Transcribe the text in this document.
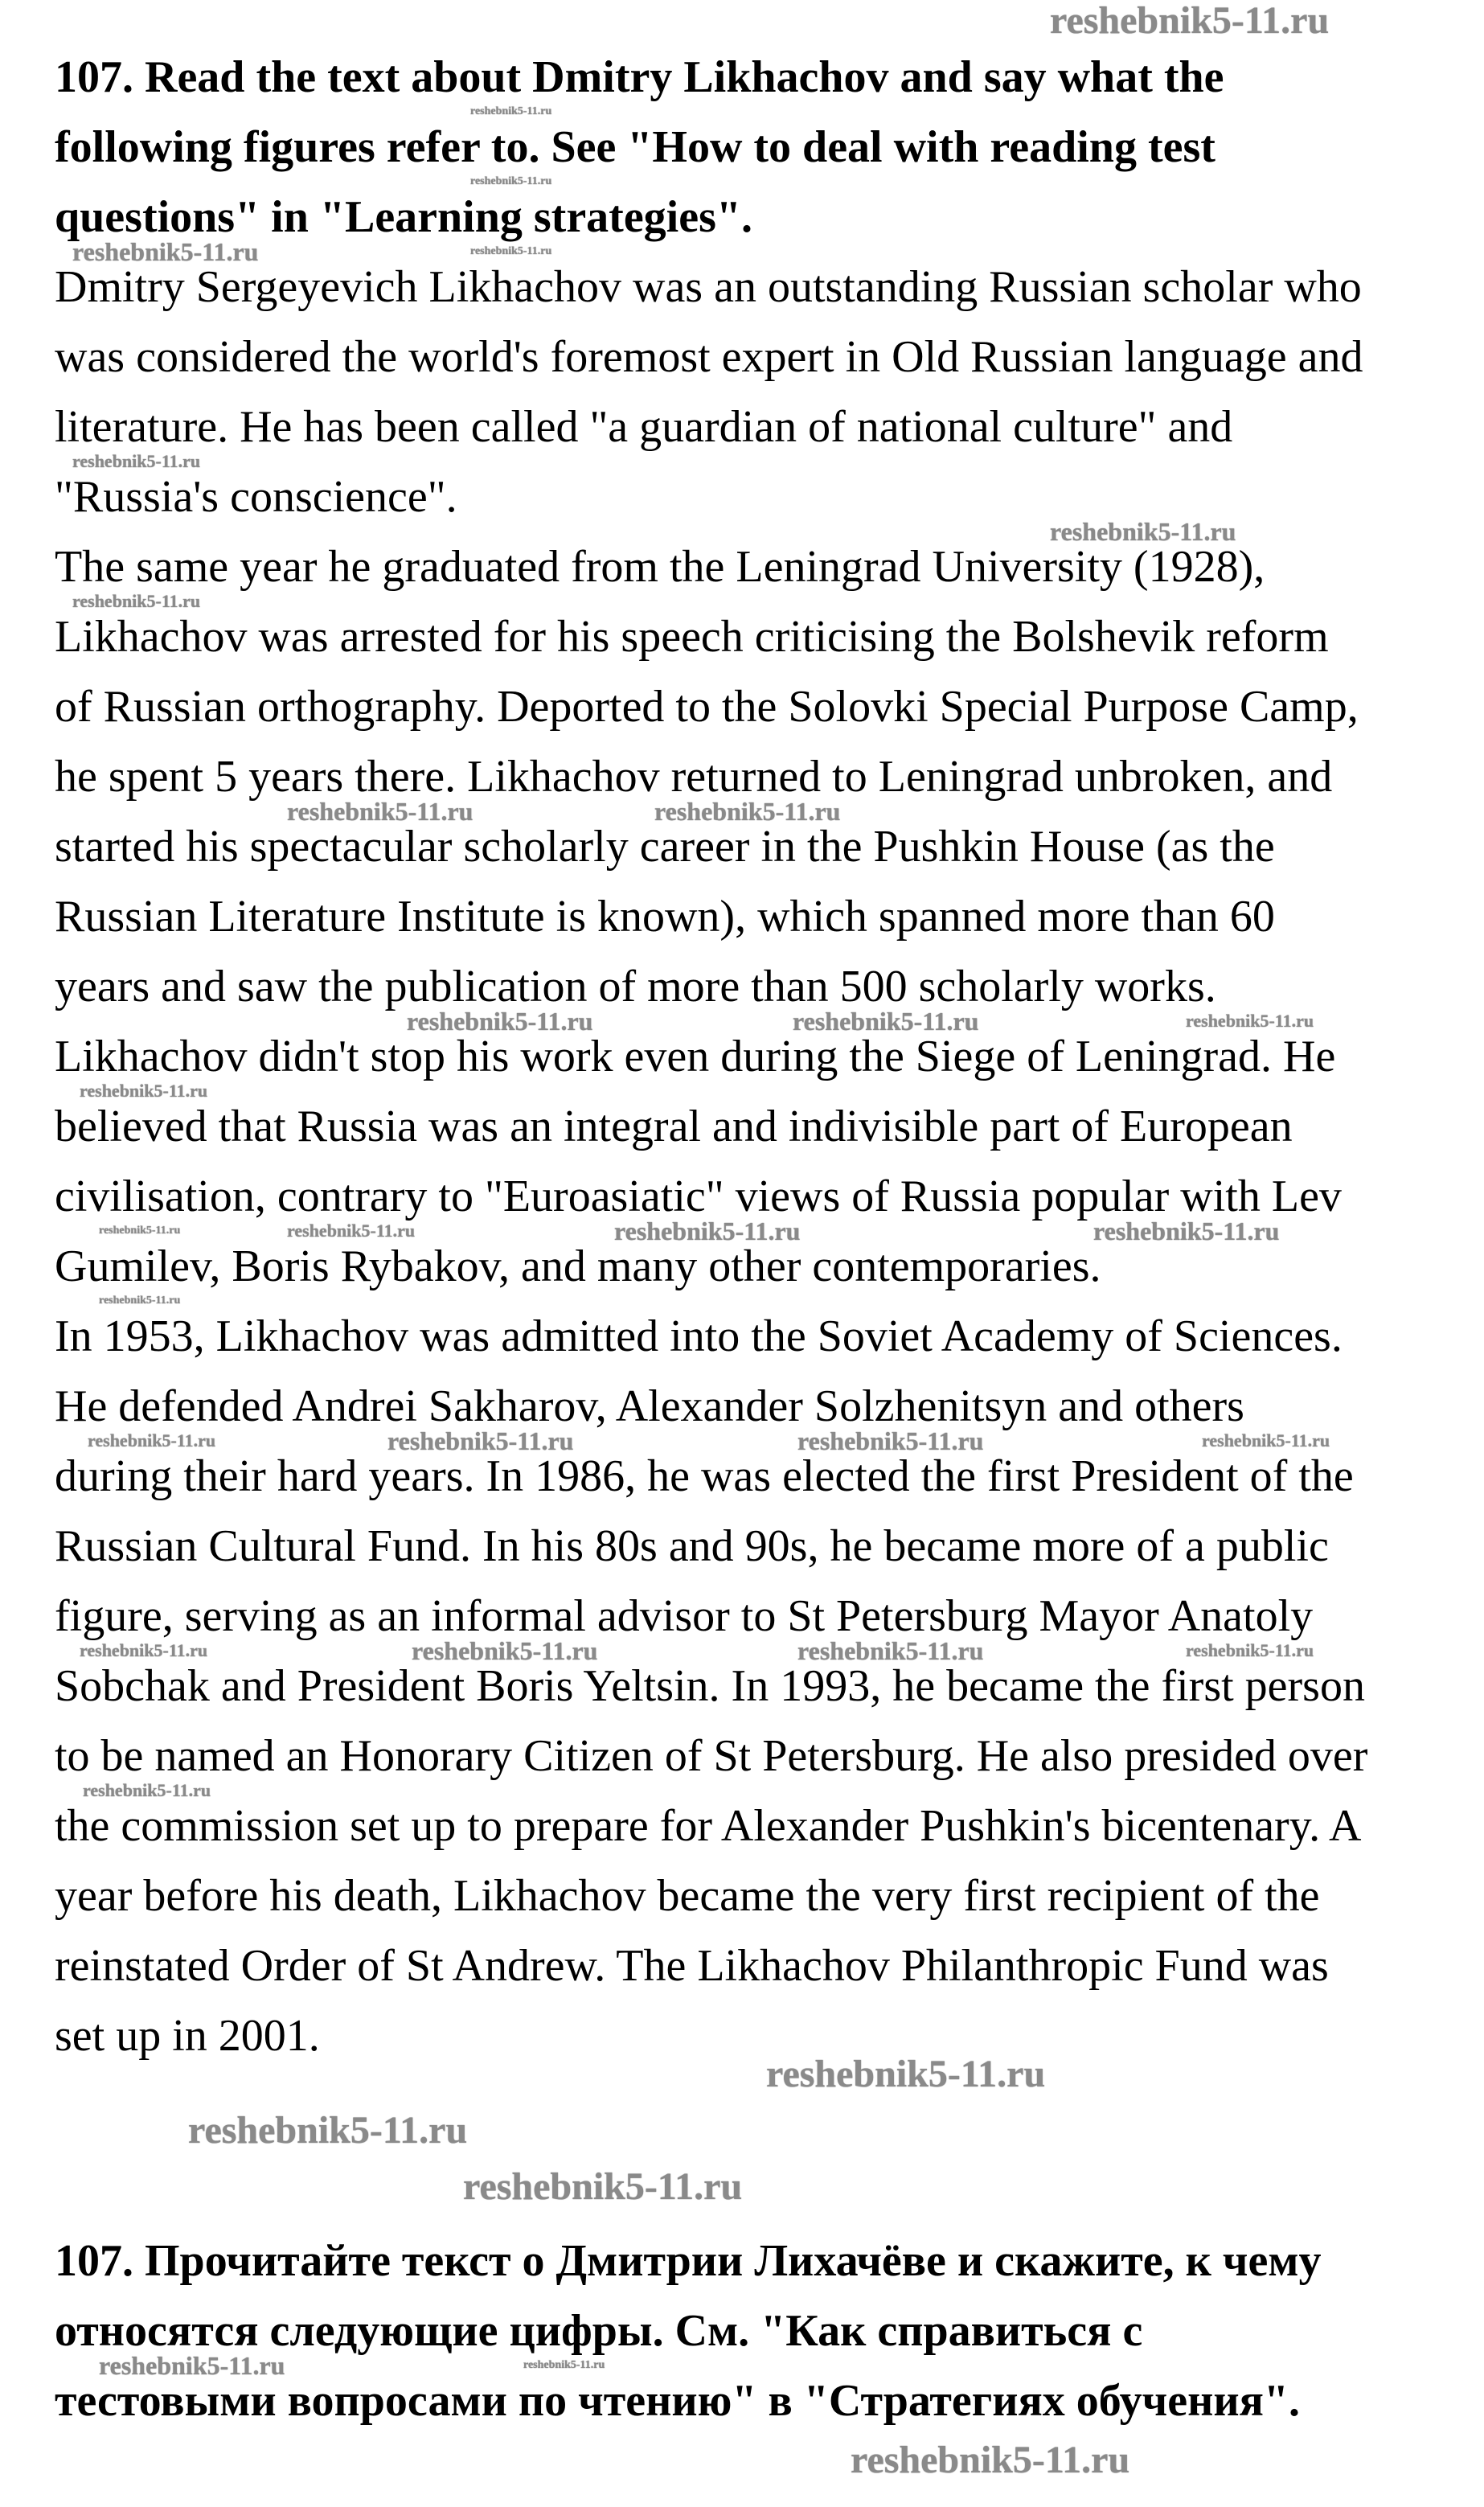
107. Read the text about Dmitry Likhachov and say what the
following figures refer to. See "How to deal with reading test
questions" in "Learning strategies".
Dmitry Sergeyevich Likhachov was an outstanding Russian scholar who
was considered the world's foremost expert in Old Russian language and
literature. He has been called "a guardian of national culture" and
"Russia's conscience".
The same year he graduated from the Leningrad University (1928),
Likhachov was arrested for his speech criticising the Bolshevik reform
of Russian orthography. Deported to the Solovki Special Purpose Camp,
he spent 5 years there. Likhachov returned to Leningrad unbroken, and
started his spectacular scholarly career in the Pushkin House (as the
Russian Literature Institute is known), which spanned more than 60
years and saw the publication of more than 500 scholarly works.
Likhachov didn't stop his work even during the Siege of Leningrad. He
believed that Russia was an integral and indivisible part of European
civilisation, contrary to "Euroasiatic" views of Russia popular with Lev
Gumilev, Boris Rybakov, and many other contemporaries.
In 1953, Likhachov was admitted into the Soviet Academy of Sciences.
He defended Andrei Sakharov, Alexander Solzhenitsyn and others
during their hard years. In 1986, he was elected the first President of the
Russian Cultural Fund. In his 80s and 90s, he became more of a public
figure, serving as an informal advisor to St Petersburg Mayor Anatoly
Sobchak and President Boris Yeltsin. In 1993, he became the first person
to be named an Honorary Citizen of St Petersburg. He also presided over
the commission set up to prepare for Alexander Pushkin's bicentenary. A
year before his death, Likhachov became the very first recipient of the
reinstated Order of St Andrew. The Likhachov Philanthropic Fund was
set up in 2001.
107. Прочитайте текст о Дмитрии Лихачёве и скажите, к чему
относятся следующие цифры. См. "Как справиться с
тестовыми вопросами по чтению" в "Стратегиях обучения".
reshebnik5-11.ru
reshebnik5-11.ru
reshebnik5-11.ru
reshebnik5-11.ru	reshebnik5-11.ru
reshebnik5-11.ru
reshebnik5-11.ru
reshebnik5-11.ru
reshebnik5-11.ru	reshebnik5-11.ru
reshebnik5-11.ru	reshebnik5-11.ru	reshebnik5-11.ru
reshebnik5-11.ru
reshebnik5-11.ru	reshebnik5-11.ru	reshebnik5-11.ru	reshebnik5-11.ru
reshebnik5-11.ru
reshebnik5-11.ru	reshebnik5-11.ru	reshebnik5-11.ru	reshebnik5-11.ru
reshebnik5-11.ru	reshebnik5-11.ru	reshebnik5-11.ru	reshebnik5-11.ru
reshebnik5-11.ru
reshebnik5-11.ru
reshebnik5-11.ru
reshebnik5-11.ru
reshebnik5-11.ru	reshebnik5-11.ru
reshebnik5-11.ru
